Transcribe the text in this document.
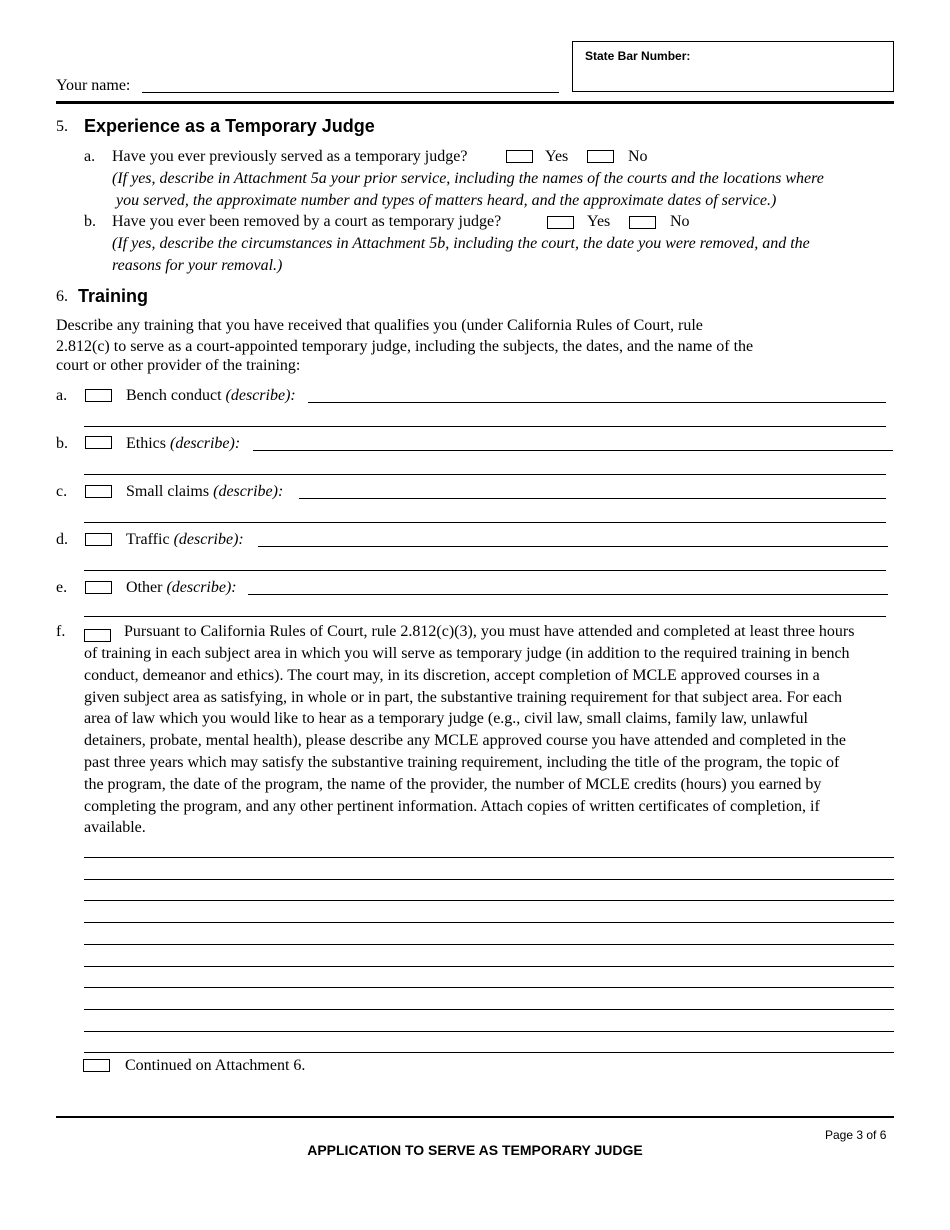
Your name:
State Bar Number:
5. Experience as a Temporary Judge
a. Have you ever previously served as a temporary judge?	Yes	No
(If yes, describe in Attachment 5a your prior service, including the names of the courts and the locations where
you served, the approximate number and types of matters heard, and the approximate dates of service.)
b. Have you ever been removed by a court as temporary judge?	Yes	No
(If yes, describe the circumstances in Attachment 5b, including the court, the date you were removed, and the
reasons for your removal.)
6. Training
Describe any training that you have received that qualifies you (under California Rules of Court, rule
2.812(c) to serve as a court-appointed temporary judge, including the subjects, the dates, and the name of the
court or other provider of the training:
a.	Bench conduct (describe):
b.	Ethics (describe):
c.	Small claims (describe):
d.	Traffic (describe):
e.	Other (describe):
f.	Pursuant to California Rules of Court, rule 2.812(c)(3), you must have attended and completed at least three hours
of training in each subject area in which you will serve as temporary judge (in addition to the required training in bench
conduct, demeanor and ethics). The court may, in its discretion, accept completion of MCLE approved courses in a
given subject area as satisfying, in whole or in part, the substantive training requirement for that subject area. For each
area of law which you would like to hear as a temporary judge (e.g., civil law, small claims, family law, unlawful
detainers, probate, mental health), please describe any MCLE approved course you have attended and completed in the
past three years which may satisfy the substantive training requirement, including the title of the program, the topic of
the program, the date of the program, the name of the provider, the number of MCLE credits (hours) you earned by
completing the program, and any other pertinent information. Attach copies of written certificates of completion, if
available.
Continued on Attachment 6.
Page 3 of 6
APPLICATION TO SERVE AS TEMPORARY JUDGE
